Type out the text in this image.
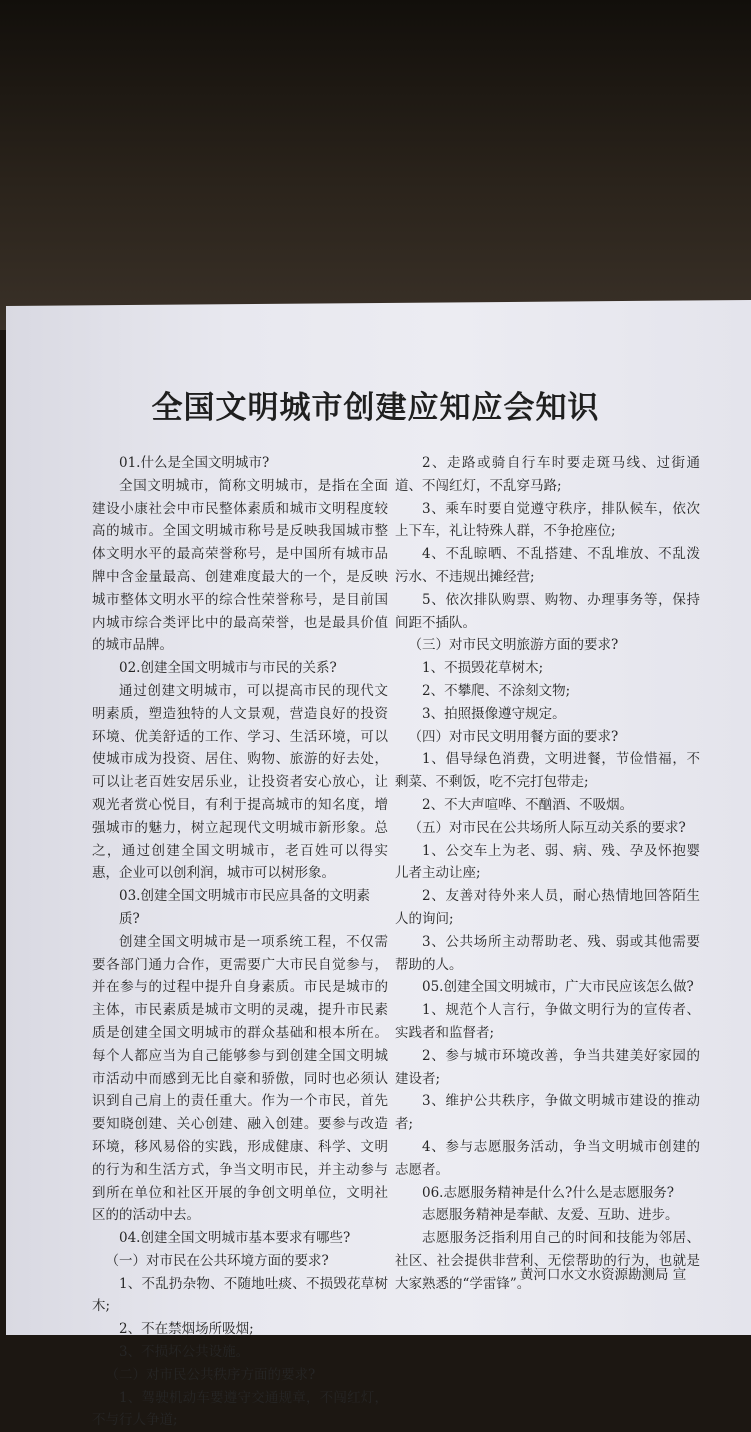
全国文明城市创建应知应会知识
01.什么是全国文明城市?
全国文明城市，简称文明城市，是指在全面建设小康社会中市民整体素质和城市文明程度较高的城市。全国文明城市称号是反映我国城市整体文明水平的最高荣誉称号，是中国所有城市品牌中含金量最高、创建难度最大的一个，是反映城市整体文明水平的综合性荣誉称号，是目前国内城市综合类评比中的最高荣誉，也是最具价值的城市品牌。
02.创建全国文明城市与市民的关系?
通过创建文明城市，可以提高市民的现代文明素质，塑造独特的人文景观，营造良好的投资环境、优美舒适的工作、学习、生活环境，可以使城市成为投资、居住、购物、旅游的好去处，可以让老百姓安居乐业，让投资者安心放心，让观光者赏心悦目，有利于提高城市的知名度，增强城市的魅力，树立起现代文明城市新形象。总之，通过创建全国文明城市，老百姓可以得实惠，企业可以创利润，城市可以树形象。
03.创建全国文明城市市民应具备的文明素质?
创建全国文明城市是一项系统工程，不仅需要各部门通力合作，更需要广大市民自觉参与，并在参与的过程中提升自身素质。市民是城市的主体，市民素质是城市文明的灵魂，提升市民素质是创建全国文明城市的群众基础和根本所在。每个人都应当为自己能够参与到创建全国文明城市活动中而感到无比自豪和骄傲，同时也必须认识到自己肩上的责任重大。作为一个市民，首先要知晓创建、关心创建、融入创建。要参与改造环境，移风易俗的实践，形成健康、科学、文明的行为和生活方式，争当文明市民，并主动参与到所在单位和社区开展的争创文明单位，文明社区的的活动中去。
04.创建全国文明城市基本要求有哪些?
（一）对市民在公共环境方面的要求?
1、不乱扔杂物、不随地吐痰、不损毁花草树木;
2、不在禁烟场所吸烟;
3、不损坏公共设施。
（二）对市民公共秩序方面的要求?
1、驾驶机动车要遵守交通规章，不闯红灯，不与行人争道;
2、走路或骑自行车时要走斑马线、过街通道、不闯红灯，不乱穿马路;
3、乘车时要自觉遵守秩序，排队候车，依次上下车，礼让特殊人群，不争抢座位;
4、不乱晾晒、不乱搭建、不乱堆放、不乱泼污水、不违规出摊经营;
5、依次排队购票、购物、办理事务等，保持间距不插队。
（三）对市民文明旅游方面的要求?
1、不损毁花草树木;
2、不攀爬、不涂刻文物;
3、拍照摄像遵守规定。
（四）对市民文明用餐方面的要求?
1、倡导绿色消费，文明进餐，节俭惜福，不剩菜、不剩饭，吃不完打包带走;
2、不大声喧哗、不酗酒、不吸烟。
（五）对市民在公共场所人际互动关系的要求?
1、公交车上为老、弱、病、残、孕及怀抱婴儿者主动让座;
2、友善对待外来人员，耐心热情地回答陌生人的询问;
3、公共场所主动帮助老、残、弱或其他需要帮助的人。
05.创建全国文明城市，广大市民应该怎么做?
1、规范个人言行，争做文明行为的宣传者、实践者和监督者;
2、参与城市环境改善，争当共建美好家园的建设者;
3、维护公共秩序，争做文明城市建设的推动者;
4、参与志愿服务活动，争当文明城市创建的志愿者。
06.志愿服务精神是什么?什么是志愿服务?
志愿服务精神是奉献、友爱、互助、进步。
志愿服务泛指利用自己的时间和技能为邻居、社区、社会提供非营利、无偿帮助的行为，也就是大家熟悉的“学雷锋”。
黄河口水文水资源勘测局 宣
